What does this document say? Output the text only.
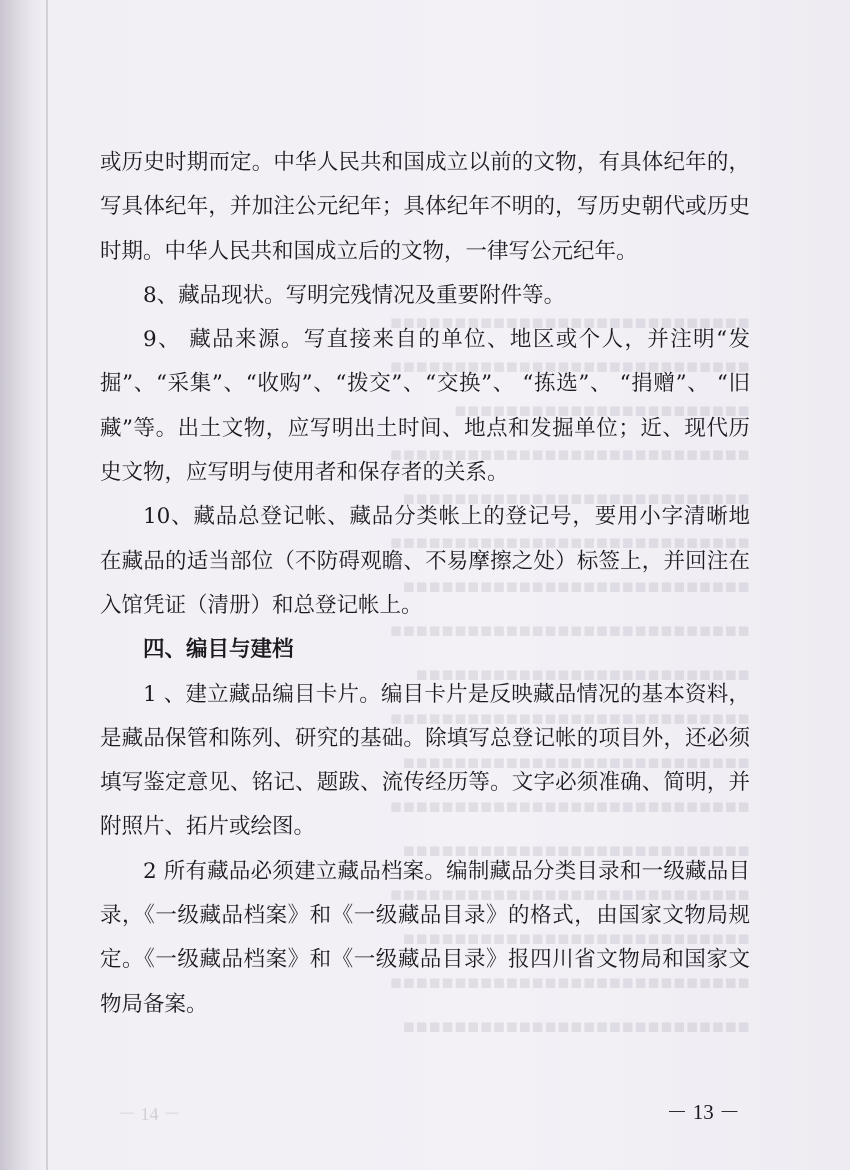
▪▪▪▪▪▪▪▪▪▪▪▪▪▪▪▪▪▪▪▪▪▪▪▪▪▪▪▪
▪▪▪▪▪▪▪▪▪▪▪▪▪▪▪▪▪▪▪▪▪▪▪▪▪▪▪▪
▪▪▪▪▪▪▪▪▪▪▪▪▪▪▪▪▪▪▪▪▪▪▪
▪▪▪▪▪▪▪▪▪▪▪▪▪▪▪▪▪▪▪▪▪▪▪▪▪▪▪▪
▪▪▪▪▪▪▪▪▪▪▪▪▪▪▪▪▪▪▪▪▪▪▪▪▪▪▪
▪▪▪▪▪▪▪▪▪▪▪▪▪▪▪▪▪▪▪▪▪▪▪▪▪▪▪▪
▪▪▪▪▪▪▪▪▪▪▪▪▪▪▪▪▪▪▪▪▪▪▪▪▪▪▪
▪▪▪▪▪▪▪▪▪▪▪▪▪▪▪▪▪▪▪▪▪▪▪▪▪▪▪▪
▪▪▪▪▪▪▪▪▪▪▪▪▪▪▪▪▪▪▪▪▪▪▪▪▪▪
▪▪▪▪▪▪▪▪▪▪▪▪▪▪▪▪▪▪▪▪▪▪▪▪▪▪▪▪
▪▪▪▪▪▪▪▪▪▪▪▪▪▪▪▪▪▪▪▪▪▪▪▪▪▪▪
▪▪▪▪▪▪▪▪▪▪▪▪▪▪▪▪▪▪▪▪▪▪▪▪▪▪▪▪
▪▪▪▪▪▪▪▪▪▪▪▪▪▪▪▪▪▪▪▪▪▪▪▪▪▪▪
▪▪▪▪▪▪▪▪▪▪▪▪▪▪▪▪▪▪▪▪▪▪▪▪▪▪▪▪
▪▪▪▪▪▪▪▪▪▪▪▪▪▪▪▪▪▪▪▪▪▪▪▪▪▪▪
▪▪▪▪▪▪▪▪▪▪▪▪▪▪▪▪▪▪▪▪▪▪▪▪▪▪▪▪
▪▪▪▪▪▪▪▪▪▪▪▪▪▪▪▪▪▪▪▪▪▪▪▪▪▪▪

或历史时期而定。中华人民共和国成立以前的文物，有具体纪年的，写具体纪年，并加注公元纪年；具体纪年不明的，写历史朝代或历史时期。中华人民共和国成立后的文物，一律写公元纪年。

8、藏品现状。写明完残情况及重要附件等。

9、 藏品来源。写直接来自的单位、地区或个人，并注明“发掘”、“采集”、“收购”、“拨交”、“交换”、 “拣选”、 “捐赠”、 “旧藏”等。出土文物，应写明出土时间、地点和发掘单位；近、现代历史文物，应写明与使用者和保存者的关系。

10、藏品总登记帐、藏品分类帐上的登记号，要用小字清晰地在藏品的适当部位（不防碍观瞻、不易摩擦之处）标签上，并回注在入馆凭证（清册）和总登记帐上。

四、编目与建档

1 、建立藏品编目卡片。编目卡片是反映藏品情况的基本资料，是藏品保管和陈列、研究的基础。除填写总登记帐的项目外，还必须填写鉴定意见、铭记、题跋、流传经历等。文字必须准确、简明，并附照片、拓片或绘图。

2 所有藏品必须建立藏品档案。编制藏品分类目录和一级藏品目录，《一级藏品档案》和《一级藏品目录》的格式，由国家文物局规定。《一级藏品档案》和《一级藏品目录》报四川省文物局和国家文物局备案。

－ 14 －	－ 13 －
